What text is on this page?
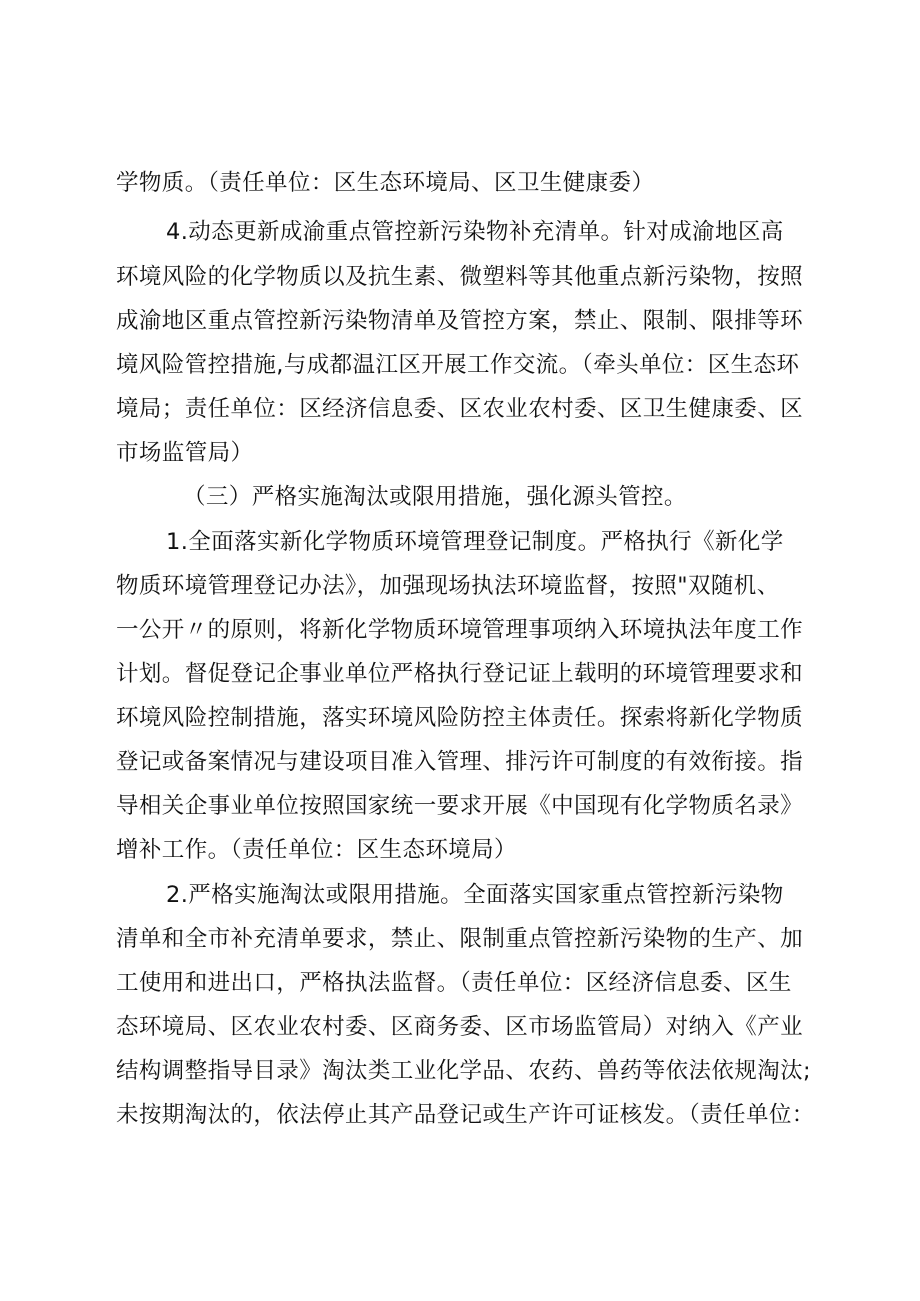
学物质。（责任单位：区生态环境局、区卫生健康委）
4.动态更新成渝重点管控新污染物补充清单。针对成渝地区高
环境风险的化学物质以及抗生素、微塑料等其他重点新污染物，按照
成渝地区重点管控新污染物清单及管控方案，禁止、限制、限排等环
境风险管控措施,与成都温江区开展工作交流。（牵头单位：区生态环
境局；责任单位：区经济信息委、区农业农村委、区卫生健康委、区
市场监管局）
（三）严格实施淘汰或限用措施，强化源头管控。
1.全面落实新化学物质环境管理登记制度。严格执行《新化学
物质环境管理登记办法》，加强现场执法环境监督，按照"双随机、
一公开〃的原则，将新化学物质环境管理事项纳入环境执法年度工作
计划。督促登记企事业单位严格执行登记证上载明的环境管理要求和
环境风险控制措施，落实环境风险防控主体责任。探索将新化学物质
登记或备案情况与建设项目准入管理、排污许可制度的有效衔接。指
导相关企事业单位按照国家统一要求开展《中国现有化学物质名录》
增补工作。（责任单位：区生态环境局）
2.严格实施淘汰或限用措施。全面落实国家重点管控新污染物
清单和全市补充清单要求，禁止、限制重点管控新污染物的生产、加
工使用和进出口，严格执法监督。（责任单位：区经济信息委、区生
态环境局、区农业农村委、区商务委、区市场监管局）对纳入《产业
结构调整指导目录》淘汰类工业化学品、农药、兽药等依法依规淘汰;
未按期淘汰的，依法停止其产品登记或生产许可证核发。（责任单位：
